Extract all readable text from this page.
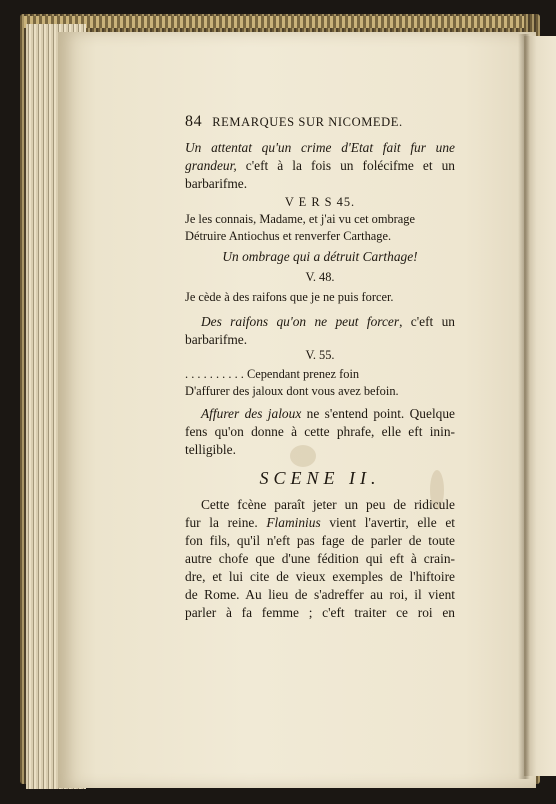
84 REMARQUES SUR NICOMEDE.
Un attentat qu'un crime d'Etat fait fur une
grandeur, c'eft à la fois un folécifme et un
barbarifme.
V E R S 45.
Je les connais, Madame, et j'ai vu cet ombrage
Détruire Antiochus et renverfer Carthage.
Un ombrage qui a détruit Carthage!
V. 48.
Je cède à des raifons que je ne puis forcer.
Des raifons qu'on ne peut forcer, c'eft un
barbarifme.
V. 55.
. . . . . . . . . . Cependant prenez foin
D'affurer des jaloux dont vous avez befoin.
Affurer des jaloux ne s'entend point. Quelque
fens qu'on donne à cette phrafe, elle eft inin-
telligible.
SCENE II.
Cette fcène paraît jeter un peu de ridicule
fur la reine. Flaminius vient l'avertir, elle et
fon fils, qu'il n'eft pas fage de parler de toute
autre chofe que d'une fédition qui eft à crain-
dre, et lui cite de vieux exemples de l'hiftoire
de Rome. Au lieu de s'adreffer au roi, il vient
parler à fa femme ; c'eft traiter ce roi en
